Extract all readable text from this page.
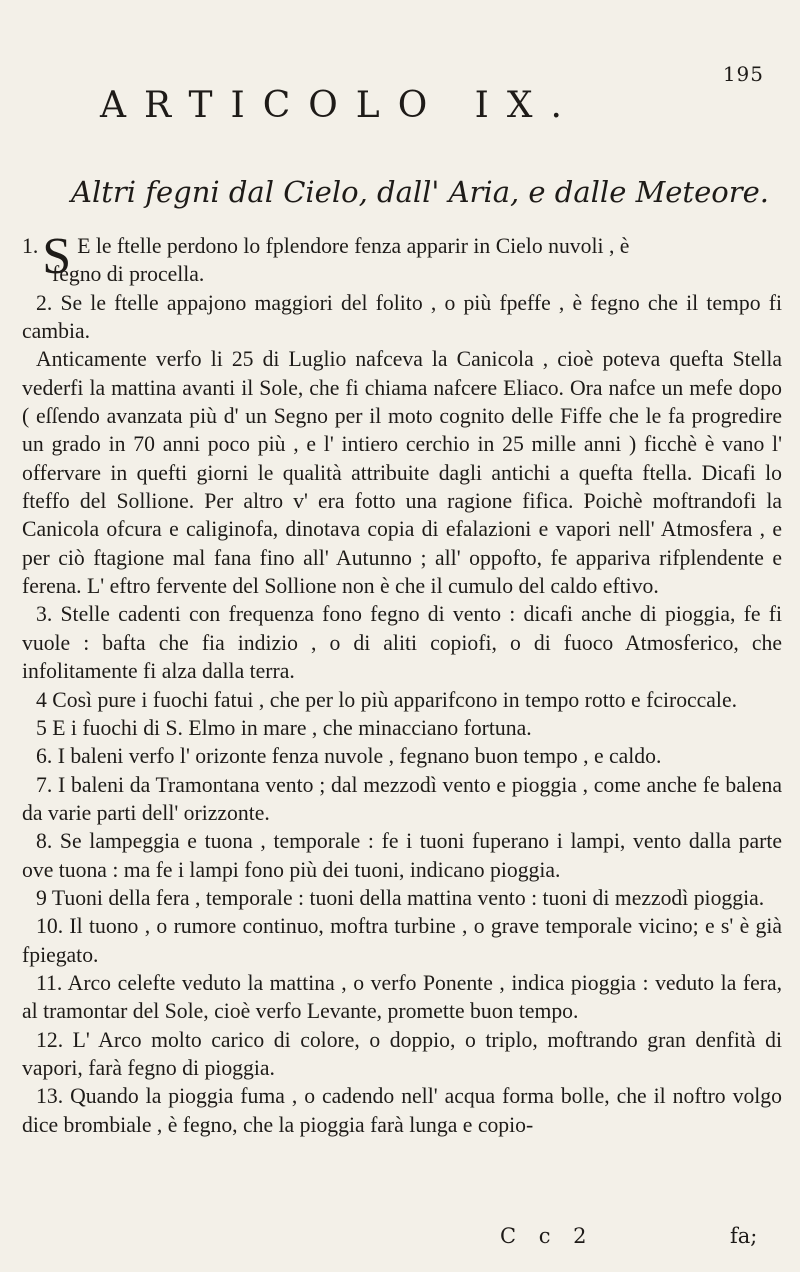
195
ARTICOLO IX.
Altri fegni dal Cielo, dall' Aria, e dalle Meteore.

1.S E le ftelle perdono lo fplendore fenza apparir in Cielo nuvoli , è
fegno di procella.

2. Se le ftelle appajono maggiori del folito , o più fpeffe , è fegno che il tempo fi cambia.

Anticamente verfo li 25 di Luglio nafceva la Canicola , cioè poteva quefta Stella vederfi la mattina avanti il Sole, che fi chiama nafcere Eliaco. Ora nafce un mefe dopo ( eſſendo avanzata più d' un Segno per il moto cognito delle Fiffe che le fa progredire un grado in 70 anni poco più , e l' intiero cerchio in 25 mille anni ) ficchè è vano l' offervare in quefti giorni le qualità attribuite dagli antichi a quefta ftella. Dicafi lo fteffo del Sollione. Per altro v' era fotto una ragione fifica. Poichè moftrandofi la Canicola ofcura e caliginofa, dinotava copia di efalazioni e vapori nell' Atmosfera , e per ciò ftagione mal fana fino all' Autunno ; all' oppofto, fe appariva rifplendente e ferena. L' eftro fervente del Sollione non è che il cumulo del caldo eftivo.

3. Stelle cadenti con frequenza fono fegno di vento : dicafi anche di pioggia, fe fi vuole : bafta che fia indizio , o di aliti copiofi, o di fuoco Atmosferico, che infolitamente fi alza dalla terra.

4 Così pure i fuochi fatui , che per lo più apparifcono in tempo rotto e fciroccale.

5 E i fuochi di S. Elmo in mare , che minacciano fortuna.

6. I baleni verfo l' orizonte fenza nuvole , fegnano buon tempo , e caldo.

7. I baleni da Tramontana vento ; dal mezzodì vento e pioggia , come anche fe balena da varie parti dell' orizzonte.

8. Se lampeggia e tuona , temporale : fe i tuoni fuperano i lampi, vento dalla parte ove tuona : ma fe i lampi fono più dei tuoni, indicano pioggia.

9 Tuoni della fera , temporale : tuoni della mattina vento : tuoni di mezzodì pioggia.

10. Il tuono , o rumore continuo, moftra turbine , o grave temporale vicino; e s' è già fpiegato.

11. Arco celefte veduto la mattina , o verfo Ponente , indica pioggia : veduto la fera, al tramontar del Sole, cioè verfo Levante, promette buon tempo.

12. L' Arco molto carico di colore, o doppio, o triplo, moftrando gran denfità di vapori, farà fegno di pioggia.

13. Quando la pioggia fuma , o cadendo nell' acqua forma bolle, che il noftro volgo dice brombiale , è fegno, che la pioggia farà lunga e copio-

C c 2	fa;
